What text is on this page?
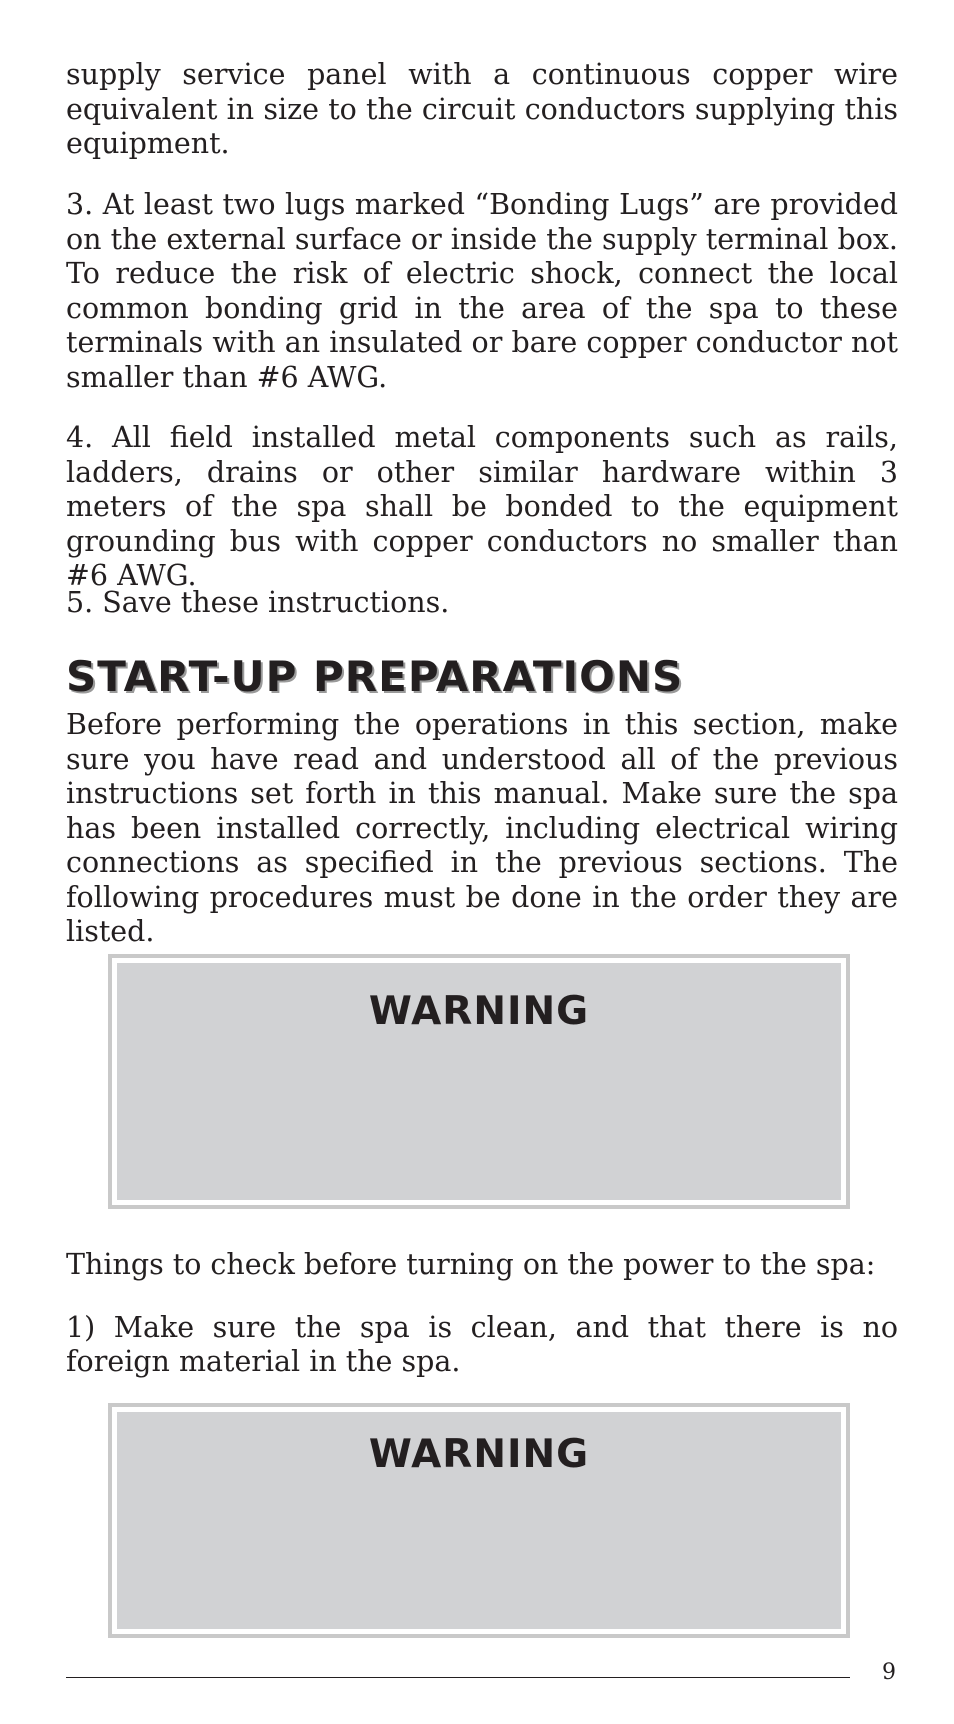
supply service panel with a continuous copper wire equivalent in size to the circuit conductors supplying this equipment.

3. At least two lugs marked “Bonding Lugs” are provided on the external surface or inside the supply terminal box. To reduce the risk of electric shock, connect the local common bonding grid in the area of the spa to these terminals with an insulated or bare copper conductor not smaller than #6 AWG.

4. All field installed metal components such as rails, ladders, drains or other similar hardware within 3 meters of the spa shall be bonded to the equipment grounding bus with copper conductors no smaller than #6 AWG.

5. Save these instructions.

START-UP PREPARATIONS

Before performing the operations in this section, make sure you have read and understood all of the previous instructions set forth in this manual. Make sure the spa has been installed correctly, including electrical wiring connections as specified in the previous sections. The following procedures must be done in the order they are listed.

WARNING

Things to check before turning on the power to the spa:

1) Make sure the spa is clean, and that there is no foreign material in the spa.

WARNING
9
